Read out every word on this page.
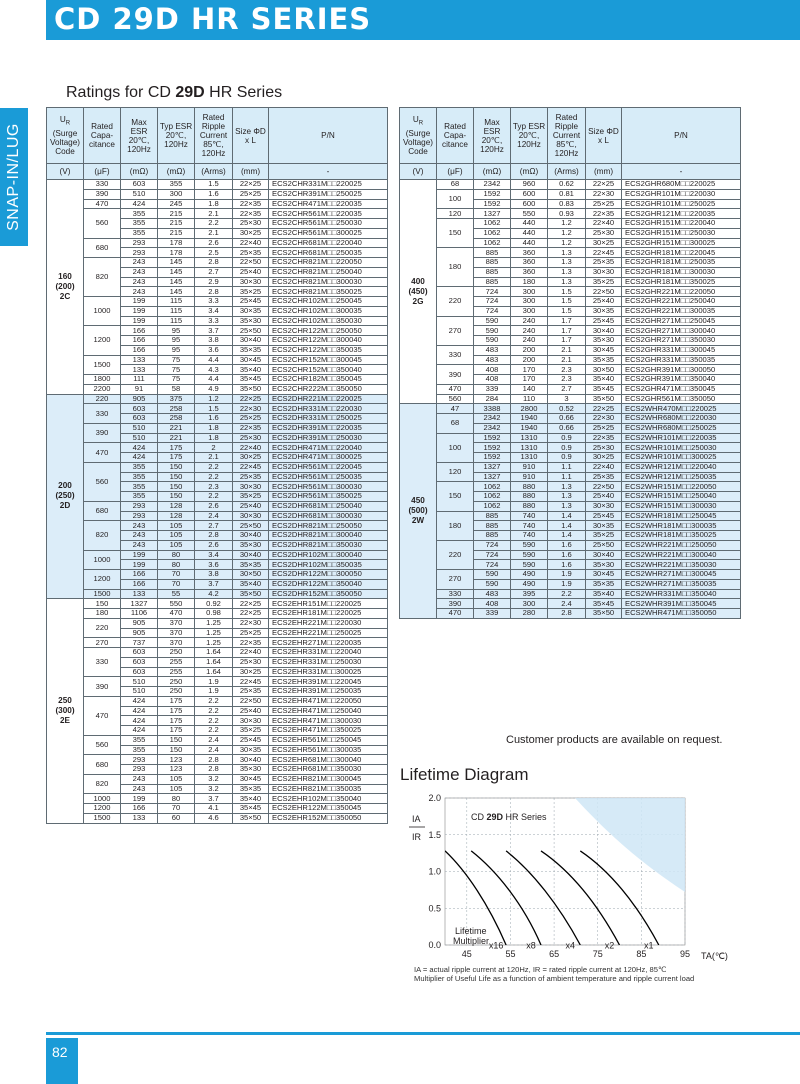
CD 29D HR SERIES
SNAP-IN/LUG
Ratings for CD 29D HR Series
$U_R$
(Surge Voltage) Code	Rated Capa-citance	Max ESR 20℃, 120Hz	Typ ESR 20℃, 120Hz	Rated Ripple Current 85℃, 120Hz	Size ΦD x L	P/N
(V)	(μF)	(mΩ)	(mΩ)	(Arms)	(mm)	-

160
(200)
2C	330	603	355	1.5	22×25	ECS2CHR331M□□220025
	390	510	300	1.6	25×25	ECS2CHR391M□□250025
	470	424	245	1.8	22×35	ECS2CHR471M□□220035
	560	355	215	2.1	22×35	ECS2CHR561M□□220035
		355	215	2.2	25×30	ECS2CHR561M□□250030
		355	215	2.1	30×25	ECS2CHR561M□□300025
	680	293	178	2.6	22×40	ECS2CHR681M□□220040
		293	178	2.5	25×35	ECS2CHR681M□□250035
	820	243	145	2.8	22×50	ECS2CHR821M□□220050
		243	145	2.7	25×40	ECS2CHR821M□□250040
		243	145	2.9	30×30	ECS2CHR821M□□300030
		243	145	2.8	35×25	ECS2CHR821M□□350025
	1000	199	115	3.3	25×45	ECS2CHR102M□□250045
		199	115	3.4	30×35	ECS2CHR102M□□300035
		199	115	3.3	35×30	ECS2CHR102M□□350030
	1200	166	95	3.7	25×50	ECS2CHR122M□□250050
		166	95	3.8	30×40	ECS2CHR122M□□300040
		166	95	3.6	35×35	ECS2CHR122M□□350035
	1500	133	75	4.4	30×45	ECS2CHR152M□□300045
		133	75	4.3	35×40	ECS2CHR152M□□350040
	1800	111	75	4.4	35×45	ECS2CHR182M□□350045
	2200	91	58	4.9	35×50	ECS2CHR222M□□350050

200
(250)
2D	220	905	375	1.2	22×25	ECS2DHR221M□□220025
	330	603	258	1.5	22×30	ECS2DHR331M□□220030
		603	258	1.6	25×25	ECS2DHR331M□□250025
	390	510	221	1.8	22×35	ECS2DHR391M□□220035
		510	221	1.8	25×30	ECS2DHR391M□□250030
	470	424	175	2	22×40	ECS2DHR471M□□220040
		424	175	2.1	30×25	ECS2DHR471M□□300025
	560	355	150	2.2	22×45	ECS2DHR561M□□220045
		355	150	2.2	25×35	ECS2DHR561M□□250035
		355	150	2.3	30×30	ECS2DHR561M□□300030
		355	150	2.2	35×25	ECS2DHR561M□□350025
	680	293	128	2.6	25×40	ECS2DHR681M□□250040
		293	128	2.4	30×30	ECS2DHR681M□□300030
	820	243	105	2.7	25×50	ECS2DHR821M□□250050
		243	105	2.8	30×40	ECS2DHR821M□□300040
		243	105	2.6	35×30	ECS2DHR821M□□350030
	1000	199	80	3.4	30×40	ECS2DHR102M□□300040
		199	80	3.6	35×35	ECS2DHR102M□□350035
	1200	166	70	3.8	30×50	ECS2DHR122M□□300050
		166	70	3.7	35×40	ECS2DHR122M□□350040
	1500	133	55	4.2	35×50	ECS2DHR152M□□350050

250
(300)
2E	150	1327	550	0.92	22×25	ECS2EHR151M□□220025
	180	1106	470	0.98	22×25	ECS2EHR181M□□220025
	220	905	370	1.25	22×30	ECS2EHR221M□□220030
		905	370	1.25	25×25	ECS2EHR221M□□250025
	270	737	370	1.25	22×35	ECS2EHR271M□□220035
	330	603	250	1.64	22×40	ECS2EHR331M□□220040
		603	255	1.64	25×30	ECS2EHR331M□□250030
		603	255	1.64	30×25	ECS2EHR331M□□300025
	390	510	250	1.9	22×45	ECS2EHR391M□□220045
		510	250	1.9	25×35	ECS2EHR391M□□250035
	470	424	175	2.2	22×50	ECS2EHR471M□□220050
		424	175	2.2	25×40	ECS2EHR471M□□250040
		424	175	2.2	30×30	ECS2EHR471M□□300030
		424	175	2.2	35×25	ECS2EHR471M□□350025
	560	355	150	2.4	25×45	ECS2EHR561M□□250045
		355	150	2.4	30×35	ECS2EHR561M□□300035
	680	293	123	2.8	30×40	ECS2EHR681M□□300040
		293	123	2.8	35×30	ECS2EHR681M□□350030
	820	243	105	3.2	30×45	ECS2EHR821M□□300045
		243	105	3.2	35×35	ECS2EHR821M□□350035
	1000	199	80	3.7	35×40	ECS2EHR102M□□350040
	1200	166	70	4.1	35×45	ECS2EHR122M□□350045
	1500	133	60	4.6	35×50	ECS2EHR152M□□350050
$U_R$
(Surge Voltage) Code	Rated Capa-citance	Max ESR 20℃, 120Hz	Typ ESR 20℃, 120Hz	Rated Ripple Current 85℃, 120Hz	Size ΦD x L	P/N
(V)	(μF)	(mΩ)	(mΩ)	(Arms)	(mm)	-

400
(450)
2G	68	2342	960	0.62	22×25	ECS2GHR680M□□220025
	100	1592	600	0.81	22×30	ECS2GHR101M□□220030
		1592	600	0.83	25×25	ECS2GHR101M□□250025
	120	1327	550	0.93	22×35	ECS2GHR121M□□220035
	150	1062	440	1.2	22×40	ECS2GHR151M□□220040
		1062	440	1.2	25×30	ECS2GHR151M□□250030
		1062	440	1.2	30×25	ECS2GHR151M□□300025
	180	885	360	1.3	22×45	ECS2GHR181M□□220045
		885	360	1.3	25×35	ECS2GHR181M□□250035
		885	360	1.3	30×30	ECS2GHR181M□□300030
		885	180	1.3	35×25	ECS2GHR181M□□350025
	220	724	300	1.5	22×50	ECS2GHR221M□□220050
		724	300	1.5	25×40	ECS2GHR221M□□250040
		724	300	1.5	30×35	ECS2GHR221M□□300035
	270	590	240	1.7	25×45	ECS2GHR271M□□250045
		590	240	1.7	30×40	ECS2GHR271M□□300040
		590	240	1.7	35×30	ECS2GHR271M□□350030
	330	483	200	2.1	30×45	ECS2GHR331M□□300045
		483	200	2.1	35×35	ECS2GHR331M□□350035
	390	408	170	2.3	30×50	ECS2GHR391M□□300050
		408	170	2.3	35×40	ECS2GHR391M□□350040
	470	339	140	2.7	35×45	ECS2GHR471M□□350045
	560	284	110	3	35×50	ECS2GHR561M□□350050

450
(500)
2W	47	3388	2800	0.52	22×25	ECS2WHR470M□□220025
	68	2342	1940	0.66	22×30	ECS2WHR680M□□220030
		2342	1940	0.66	25×25	ECS2WHR680M□□250025
	100	1592	1310	0.9	22×35	ECS2WHR101M□□220035
		1592	1310	0.9	25×30	ECS2WHR101M□□250030
		1592	1310	0.9	30×25	ECS2WHR101M□□300025
	120	1327	910	1.1	22×40	ECS2WHR121M□□220040
		1327	910	1.1	25×35	ECS2WHR121M□□250035
	150	1062	880	1.3	22×50	ECS2WHR151M□□220050
		1062	880	1.3	25×40	ECS2WHR151M□□250040
		1062	880	1.3	30×30	ECS2WHR151M□□300030
	180	885	740	1.4	25×45	ECS2WHR181M□□250045
		885	740	1.4	30×35	ECS2WHR181M□□300035
		885	740	1.4	35×25	ECS2WHR181M□□350025
	220	724	590	1.6	25×50	ECS2WHR221M□□250050
		724	590	1.6	30×40	ECS2WHR221M□□300040
		724	590	1.6	35×30	ECS2WHR221M□□350030
	270	590	490	1.9	30×45	ECS2WHR271M□□300045
		590	490	1.9	35×35	ECS2WHR271M□□350035
	330	483	395	2.2	35×40	ECS2WHR331M□□350040
	390	408	300	2.4	35×45	ECS2WHR391M□□350045
	470	339	280	2.8	35×50	ECS2WHR471M□□350050
Customer products are available on request.
Lifetime Diagram
0.0
0.5
1.0
1.5
2.0
45	55	65	75	85	95
x16	x8	x4	x2	x1
CD 29D HR Series
IA
IR
Lifetime
Multiplier
TA(℃)
IA = actual ripple current at 120Hz, IR = rated ripple current at 120Hz, 85℃
Multiplier of Useful Life as a function of ambient temperature and ripple current load
82
